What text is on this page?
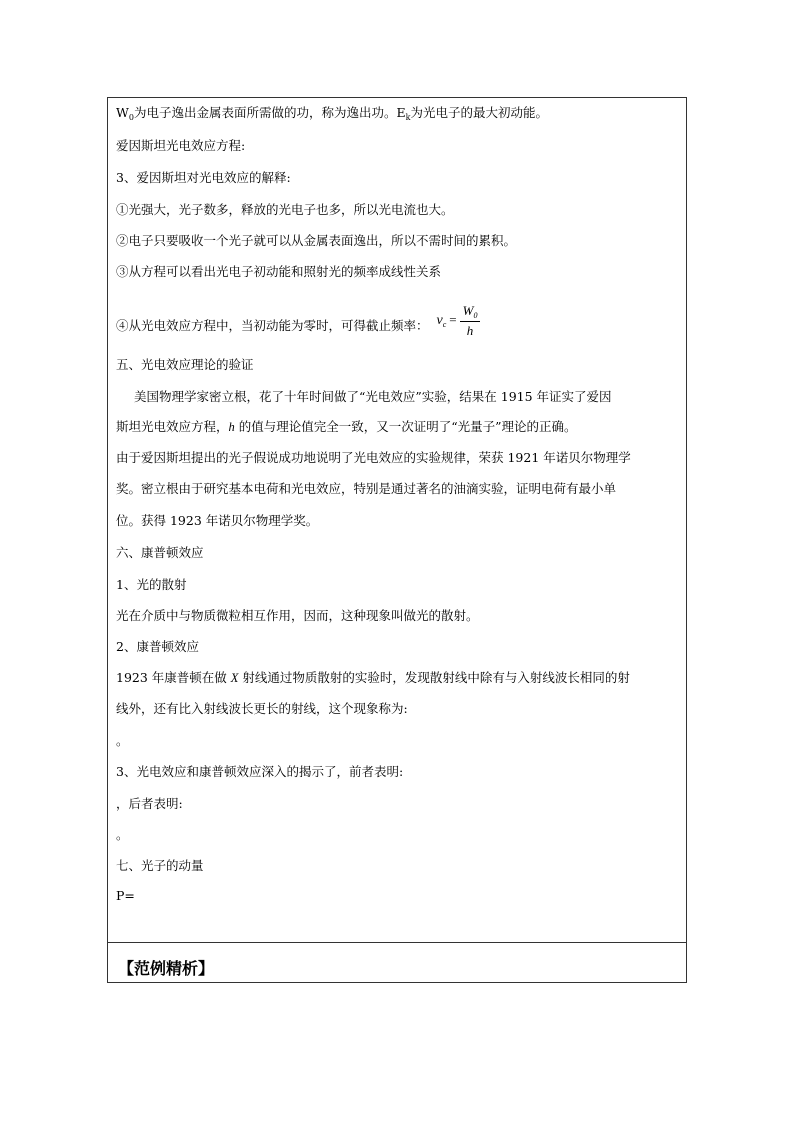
$W_0$为电子逸出金属表面所需做的功，称为逸出功。$E_k$为光电子的最大初动能。
爱因斯坦光电效应方程:
3、爱因斯坦对光电效应的解释:
①光强大，光子数多，释放的光电子也多，所以光电流也大。
②电子只要吸收一个光子就可以从金属表面逸出，所以不需时间的累积。
③从方程可以看出光电子初动能和照射光的频率成线性关系
④从光电效应方程中，当初动能为零时，可得截止频率： $\nu_c = \frac{W_0}{h}$
五、光电效应理论的验证
美国物理学家密立根，花了十年时间做了“光电效应”实验，结果在 1915 年证实了爱因
斯坦光电效应方程，h 的值与理论值完全一致，又一次证明了“光量子”理论的正确。
由于爱因斯坦提出的光子假说成功地说明了光电效应的实验规律，荣获 1921 年诺贝尔物理学
奖。密立根由于研究基本电荷和光电效应，特别是通过著名的油滴实验，证明电荷有最小单
位。获得 1923 年诺贝尔物理学奖。
六、康普顿效应
1、光的散射
光在介质中与物质微粒相互作用，因而，这种现象叫做光的散射。
2、康普顿效应
1923 年康普顿在做 X 射线通过物质散射的实验时，发现散射线中除有与入射线波长相同的射
线外，还有比入射线波长更长的射线，这个现象称为:
。
3、光电效应和康普顿效应深入的揭示了，前者表明:
，后者表明:
。
七、光子的动量
P=
【范例精析】
